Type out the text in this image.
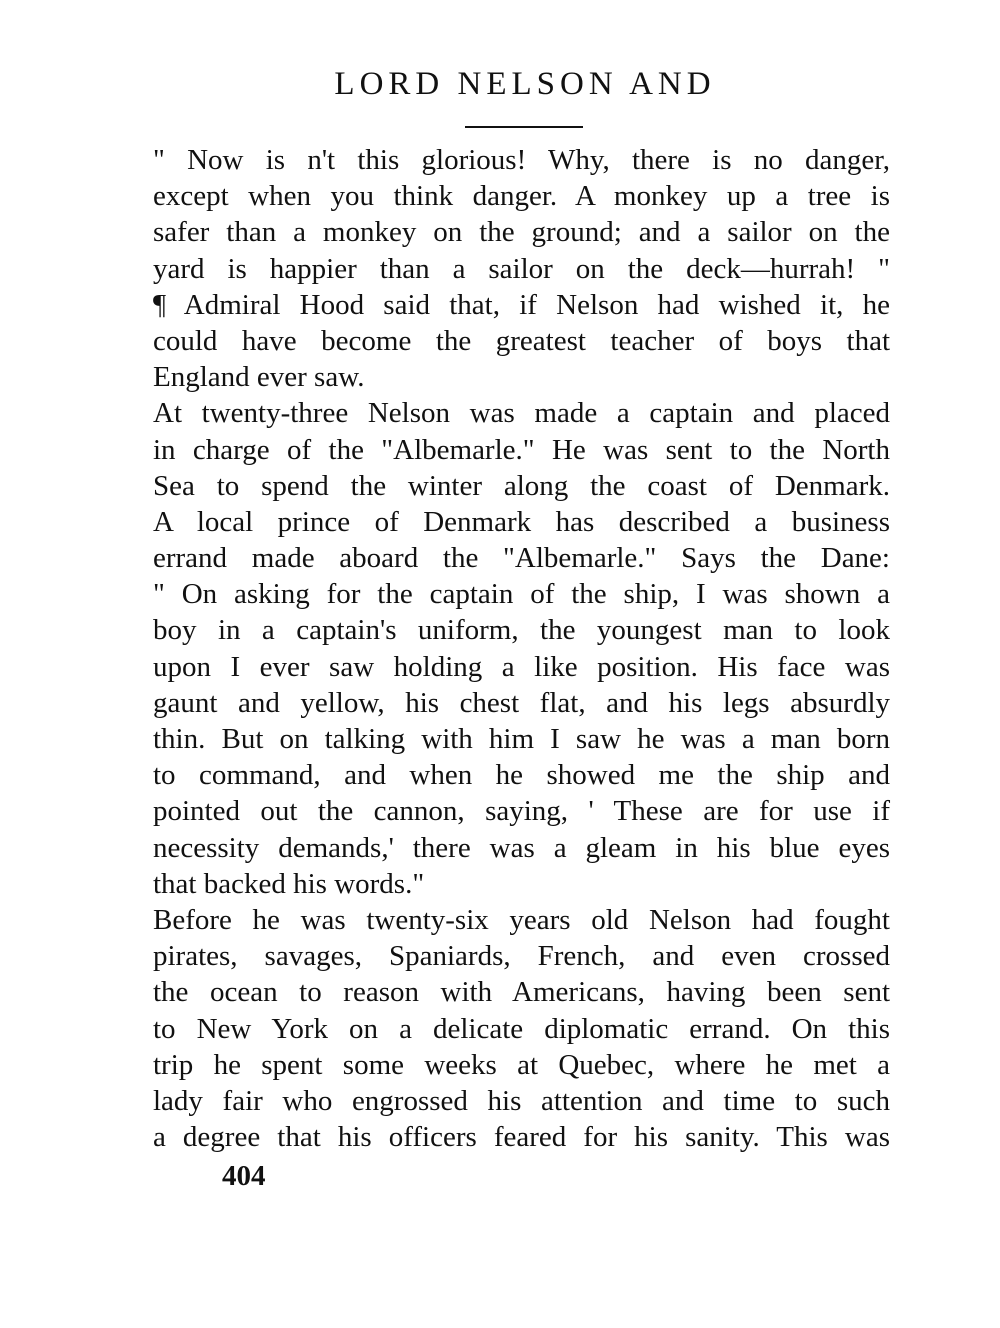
LORD NELSON AND
" Now is n't this glorious! Why, there is no danger,
except when you think danger. A monkey up a tree is
safer than a monkey on the ground; and a sailor on the
yard is happier than a sailor on the deck—hurrah! "
¶ Admiral Hood said that, if Nelson had wished it, he
could have become the greatest teacher of boys that
England ever saw.
At twenty-three Nelson was made a captain and placed
in charge of the "Albemarle." He was sent to the North
Sea to spend the winter along the coast of Denmark.
A local prince of Denmark has described a business
errand made aboard the "Albemarle." Says the Dane:
" On asking for the captain of the ship, I was shown a
boy in a captain's uniform, the youngest man to look
upon I ever saw holding a like position. His face was
gaunt and yellow, his chest flat, and his legs absurdly
thin. But on talking with him I saw he was a man born
to command, and when he showed me the ship and
pointed out the cannon, saying, ' These are for use if
necessity demands,' there was a gleam in his blue eyes
that backed his words."
Before he was twenty-six years old Nelson had fought
pirates, savages, Spaniards, French, and even crossed
the ocean to reason with Americans, having been sent
to New York on a delicate diplomatic errand. On this
trip he spent some weeks at Quebec, where he met a
lady fair who engrossed his attention and time to such
a degree that his officers feared for his sanity. This was
404
